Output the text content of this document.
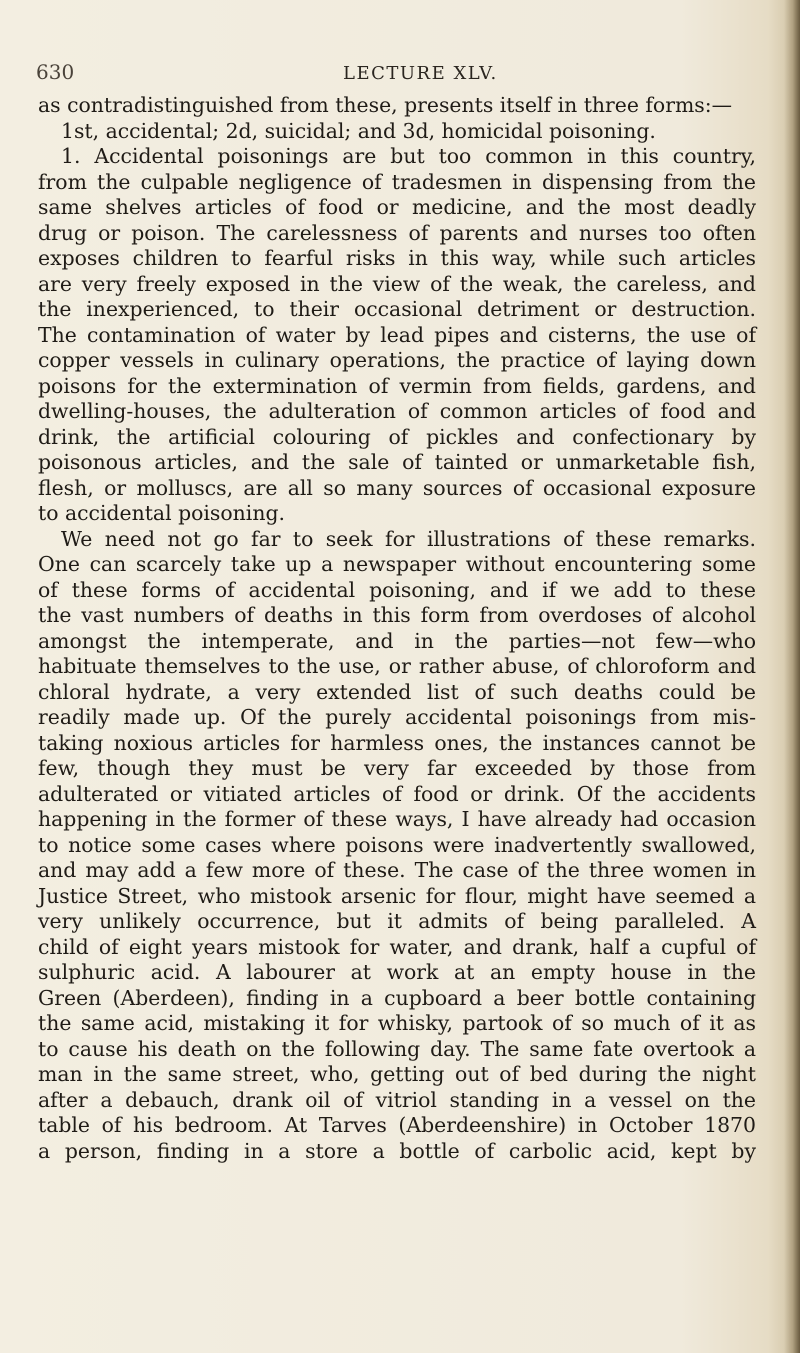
630	LECTURE XLV.
as contradistinguished from these, presents itself in three forms:—
1st, accidental; 2d, suicidal; and 3d, homicidal poisoning.
1. Accidental poisonings are but too common in this country,
from the culpable negligence of tradesmen in dispensing from the
same shelves articles of food or medicine, and the most deadly
drug or poison. The carelessness of parents and nurses too often
exposes children to fearful risks in this way, while such articles
are very freely exposed in the view of the weak, the careless, and
the inexperienced, to their occasional detriment or destruction.
The contamination of water by lead pipes and cisterns, the use of
copper vessels in culinary operations, the practice of laying down
poisons for the extermination of vermin from fields, gardens, and
dwelling-houses, the adulteration of common articles of food and
drink, the artificial colouring of pickles and confectionary by
poisonous articles, and the sale of tainted or unmarketable fish,
flesh, or molluscs, are all so many sources of occasional exposure
to accidental poisoning.
We need not go far to seek for illustrations of these remarks.
One can scarcely take up a newspaper without encountering some
of these forms of accidental poisoning, and if we add to these
the vast numbers of deaths in this form from overdoses of alcohol
amongst the intemperate, and in the parties—not few—who
habituate themselves to the use, or rather abuse, of chloroform and
chloral hydrate, a very extended list of such deaths could be
readily made up. Of the purely accidental poisonings from mis-
taking noxious articles for harmless ones, the instances cannot be
few, though they must be very far exceeded by those from
adulterated or vitiated articles of food or drink. Of the accidents
happening in the former of these ways, I have already had occasion
to notice some cases where poisons were inadvertently swallowed,
and may add a few more of these. The case of the three women in
Justice Street, who mistook arsenic for flour, might have seemed a
very unlikely occurrence, but it admits of being paralleled. A
child of eight years mistook for water, and drank, half a cupful of
sulphuric acid. A labourer at work at an empty house in the
Green (Aberdeen), finding in a cupboard a beer bottle containing
the same acid, mistaking it for whisky, partook of so much of it as
to cause his death on the following day. The same fate overtook a
man in the same street, who, getting out of bed during the night
after a debauch, drank oil of vitriol standing in a vessel on the
table of his bedroom. At Tarves (Aberdeenshire) in October 1870
a person, finding in a store a bottle of carbolic acid, kept by
